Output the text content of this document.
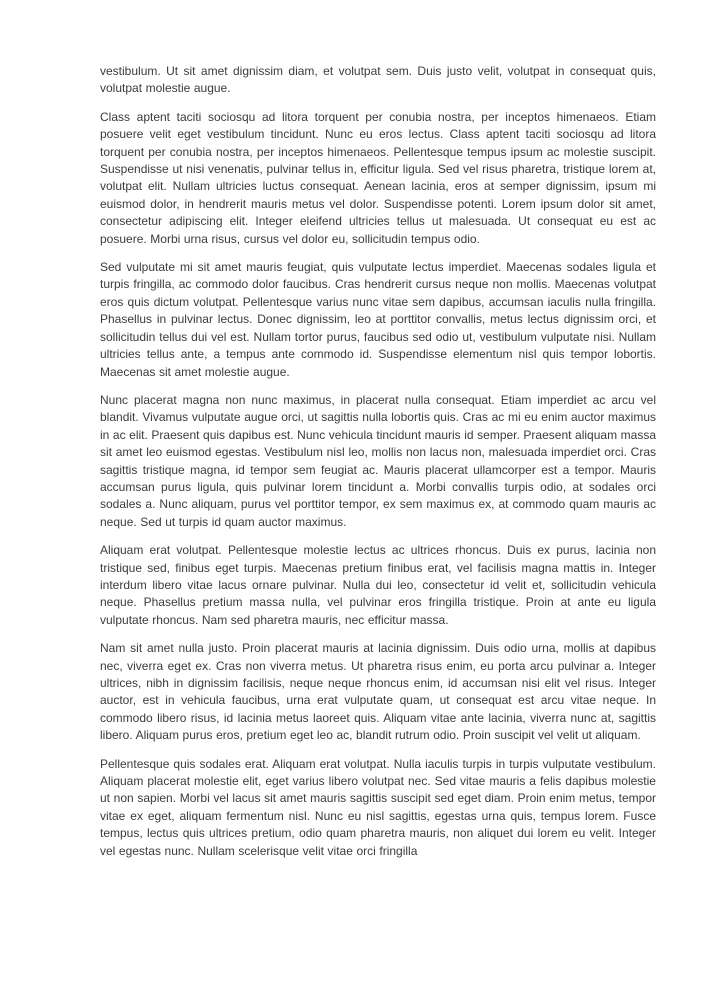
vestibulum. Ut sit amet dignissim diam, et volutpat sem. Duis justo velit, volutpat in consequat quis, volutpat molestie augue.

Class aptent taciti sociosqu ad litora torquent per conubia nostra, per inceptos himenaeos. Etiam posuere velit eget vestibulum tincidunt. Nunc eu eros lectus. Class aptent taciti sociosqu ad litora torquent per conubia nostra, per inceptos himenaeos. Pellentesque tempus ipsum ac molestie suscipit. Suspendisse ut nisi venenatis, pulvinar tellus in, efficitur ligula. Sed vel risus pharetra, tristique lorem at, volutpat elit. Nullam ultricies luctus consequat. Aenean lacinia, eros at semper dignissim, ipsum mi euismod dolor, in hendrerit mauris metus vel dolor. Suspendisse potenti. Lorem ipsum dolor sit amet, consectetur adipiscing elit. Integer eleifend ultricies tellus ut malesuada. Ut consequat eu est ac posuere. Morbi urna risus, cursus vel dolor eu, sollicitudin tempus odio.

Sed vulputate mi sit amet mauris feugiat, quis vulputate lectus imperdiet. Maecenas sodales ligula et turpis fringilla, ac commodo dolor faucibus. Cras hendrerit cursus neque non mollis. Maecenas volutpat eros quis dictum volutpat. Pellentesque varius nunc vitae sem dapibus, accumsan iaculis nulla fringilla. Phasellus in pulvinar lectus. Donec dignissim, leo at porttitor convallis, metus lectus dignissim orci, et sollicitudin tellus dui vel est. Nullam tortor purus, faucibus sed odio ut, vestibulum vulputate nisi. Nullam ultricies tellus ante, a tempus ante commodo id. Suspendisse elementum nisl quis tempor lobortis. Maecenas sit amet molestie augue.

Nunc placerat magna non nunc maximus, in placerat nulla consequat. Etiam imperdiet ac arcu vel blandit. Vivamus vulputate augue orci, ut sagittis nulla lobortis quis. Cras ac mi eu enim auctor maximus in ac elit. Praesent quis dapibus est. Nunc vehicula tincidunt mauris id semper. Praesent aliquam massa sit amet leo euismod egestas. Vestibulum nisl leo, mollis non lacus non, malesuada imperdiet orci. Cras sagittis tristique magna, id tempor sem feugiat ac. Mauris placerat ullamcorper est a tempor. Mauris accumsan purus ligula, quis pulvinar lorem tincidunt a. Morbi convallis turpis odio, at sodales orci sodales a. Nunc aliquam, purus vel porttitor tempor, ex sem maximus ex, at commodo quam mauris ac neque. Sed ut turpis id quam auctor maximus.

Aliquam erat volutpat. Pellentesque molestie lectus ac ultrices rhoncus. Duis ex purus, lacinia non tristique sed, finibus eget turpis. Maecenas pretium finibus erat, vel facilisis magna mattis in. Integer interdum libero vitae lacus ornare pulvinar. Nulla dui leo, consectetur id velit et, sollicitudin vehicula neque. Phasellus pretium massa nulla, vel pulvinar eros fringilla tristique. Proin at ante eu ligula vulputate rhoncus. Nam sed pharetra mauris, nec efficitur massa.

Nam sit amet nulla justo. Proin placerat mauris at lacinia dignissim. Duis odio urna, mollis at dapibus nec, viverra eget ex. Cras non viverra metus. Ut pharetra risus enim, eu porta arcu pulvinar a. Integer ultrices, nibh in dignissim facilisis, neque neque rhoncus enim, id accumsan nisi elit vel risus. Integer auctor, est in vehicula faucibus, urna erat vulputate quam, ut consequat est arcu vitae neque. In commodo libero risus, id lacinia metus laoreet quis. Aliquam vitae ante lacinia, viverra nunc at, sagittis libero. Aliquam purus eros, pretium eget leo ac, blandit rutrum odio. Proin suscipit vel velit ut aliquam.

Pellentesque quis sodales erat. Aliquam erat volutpat. Nulla iaculis turpis in turpis vulputate vestibulum. Aliquam placerat molestie elit, eget varius libero volutpat nec. Sed vitae mauris a felis dapibus molestie ut non sapien. Morbi vel lacus sit amet mauris sagittis suscipit sed eget diam. Proin enim metus, tempor vitae ex eget, aliquam fermentum nisl. Nunc eu nisl sagittis, egestas urna quis, tempus lorem. Fusce tempus, lectus quis ultrices pretium, odio quam pharetra mauris, non aliquet dui lorem eu velit. Integer vel egestas nunc. Nullam scelerisque velit vitae orci fringilla
